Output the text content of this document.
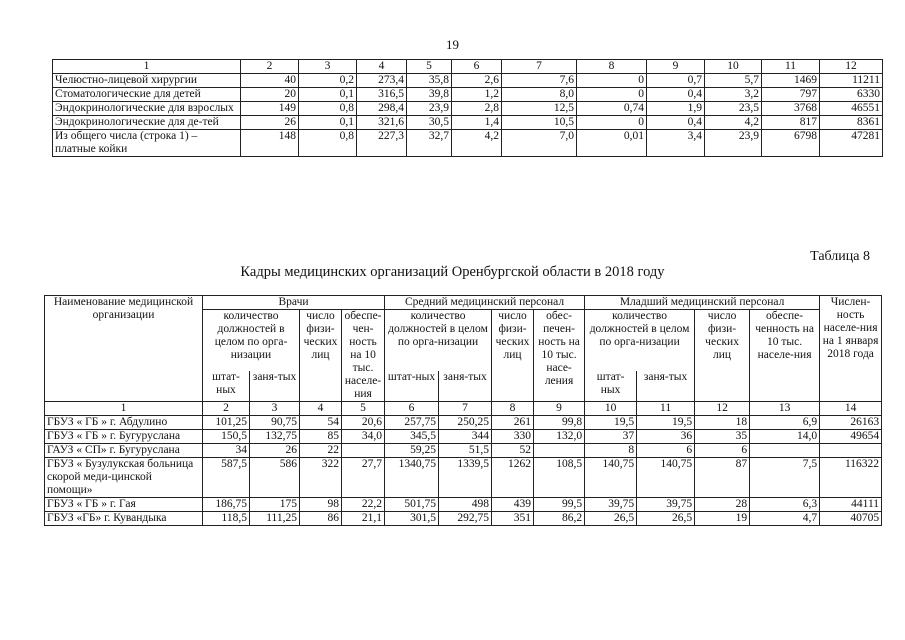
19
1	2	3	4	5	6	7	8	9	10	11	12
Челюстно-лицевой хирургии	40	0,2	273,4	35,8	2,6	7,6	0	0,7	5,7	1469	11211
Стоматологические для детей	20	0,1	316,5	39,8	1,2	8,0	0	0,4	3,2	797	6330
Эндокринологические для взрослых	149	0,8	298,4	23,9	2,8	12,5	0,74	1,9	23,5	3768	46551
Эндокринологические для де-тей	26	0,1	321,6	30,5	1,4	10,5	0	0,4	4,2	817	8361
Из общего числа (строка 1) – платные койки	148	0,8	227,3	32,7	4,2	7,0	0,01	3,4	23,9	6798	47281
Таблица 8
Кадры медицинских организаций Оренбургской области в 2018 году
Наименование медицинской организации	Врачи				Средний медицинский персонал				Младший медицинский персонал				Числен-ность населе-ния на 1 января 2018 года
	количество должностей в целом по орга-низации		число физи-ческих лиц	обеспе-чен-ность на 10 тыс. населе-ния	количество должностей в целом по орга-низации		число физи-ческих лиц	обес-печен-ность на 10 тыс. насе-ления	количество должностей в целом по орга-низации		число физи-ческих лиц	обеспе-ченность на 10 тыс. населе-ния	
	штат-ных	заня-тых			штат-ных	заня-тых			штат-ных	заня-тых			
1	2	3	4	5	6	7	8	9	10	11	12	13	14
ГБУЗ « ГБ » г. Абдулино	101,25	90,75	54	20,6	257,75	250,25	261	99,8	19,5	19,5	18	6,9	26163
ГБУЗ « ГБ » г. Бугуруслана	150,5	132,75	85	34,0	345,5	344	330	132,0	37	36	35	14,0	49654
ГАУЗ « СП» г. Бугуруслана	34	26	22		59,25	51,5	52		8	6	6		
ГБУЗ « Бузулукская больница скорой меди-цинской помощи»	587,5	586	322	27,7	1340,75	1339,5	1262	108,5	140,75	140,75	87	7,5	116322
ГБУЗ « ГБ » г. Гая	186,75	175	98	22,2	501,75	498	439	99,5	39,75	39,75	28	6,3	44111
ГБУЗ «ГБ» г. Кувандыка	118,5	111,25	86	21,1	301,5	292,75	351	86,2	26,5	26,5	19	4,7	40705
